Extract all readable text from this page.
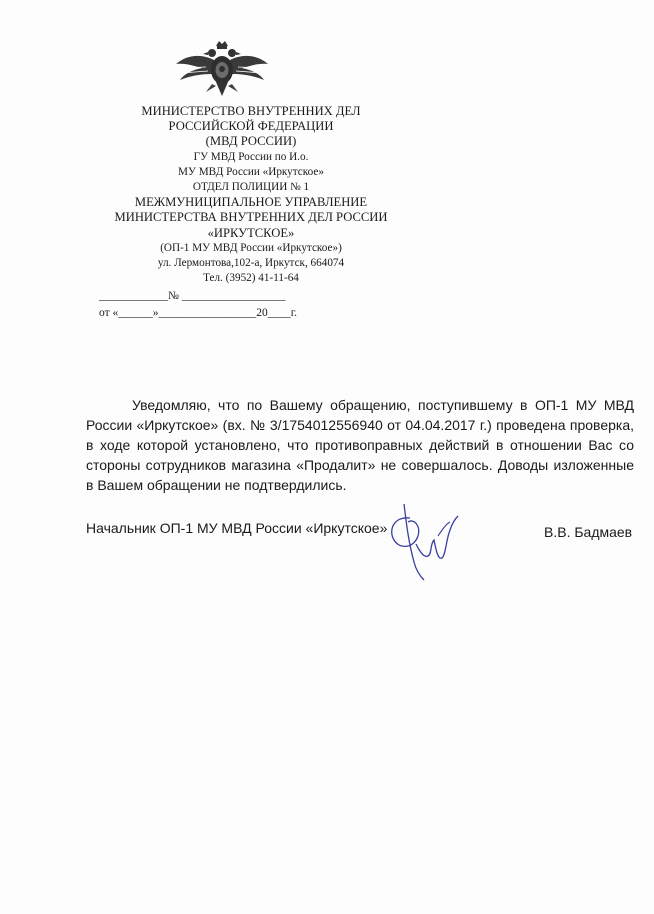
МИНИСТЕРСТВО ВНУТРЕННИХ ДЕЛ
РОССИЙСКОЙ ФЕДЕРАЦИИ
(МВД РОССИИ)
ГУ МВД России по И.о.
МУ МВД России «Иркутское»
ОТДЕЛ ПОЛИЦИИ № 1
МЕЖМУНИЦИПАЛЬНОЕ УПРАВЛЕНИЕ
МИНИСТЕРСТВА ВНУТРЕННИХ ДЕЛ РОССИИ
«ИРКУТСКОЕ»
(ОП-1 МУ МВД России «Иркутское»)
ул. Лермонтова,102-а, Иркутск, 664074
Тел. (3952) 41-11-64
____________№ __________________
от «______»_________________20____г.

Уведомляю, что по Вашему обращению, поступившему в ОП-1 МУ МВД России «Иркутское» (вх. № 3/1754012556940 от 04.04.2017 г.) проведена проверка, в ходе которой установлено, что противоправных действий в отношении Вас со стороны сотрудников магазина «Продалит» не совершалось. Доводы изложенные в Вашем обращении не подтвердились.

Начальник ОП-1 МУ МВД России «Иркутское»	В.В. Бадмаев
